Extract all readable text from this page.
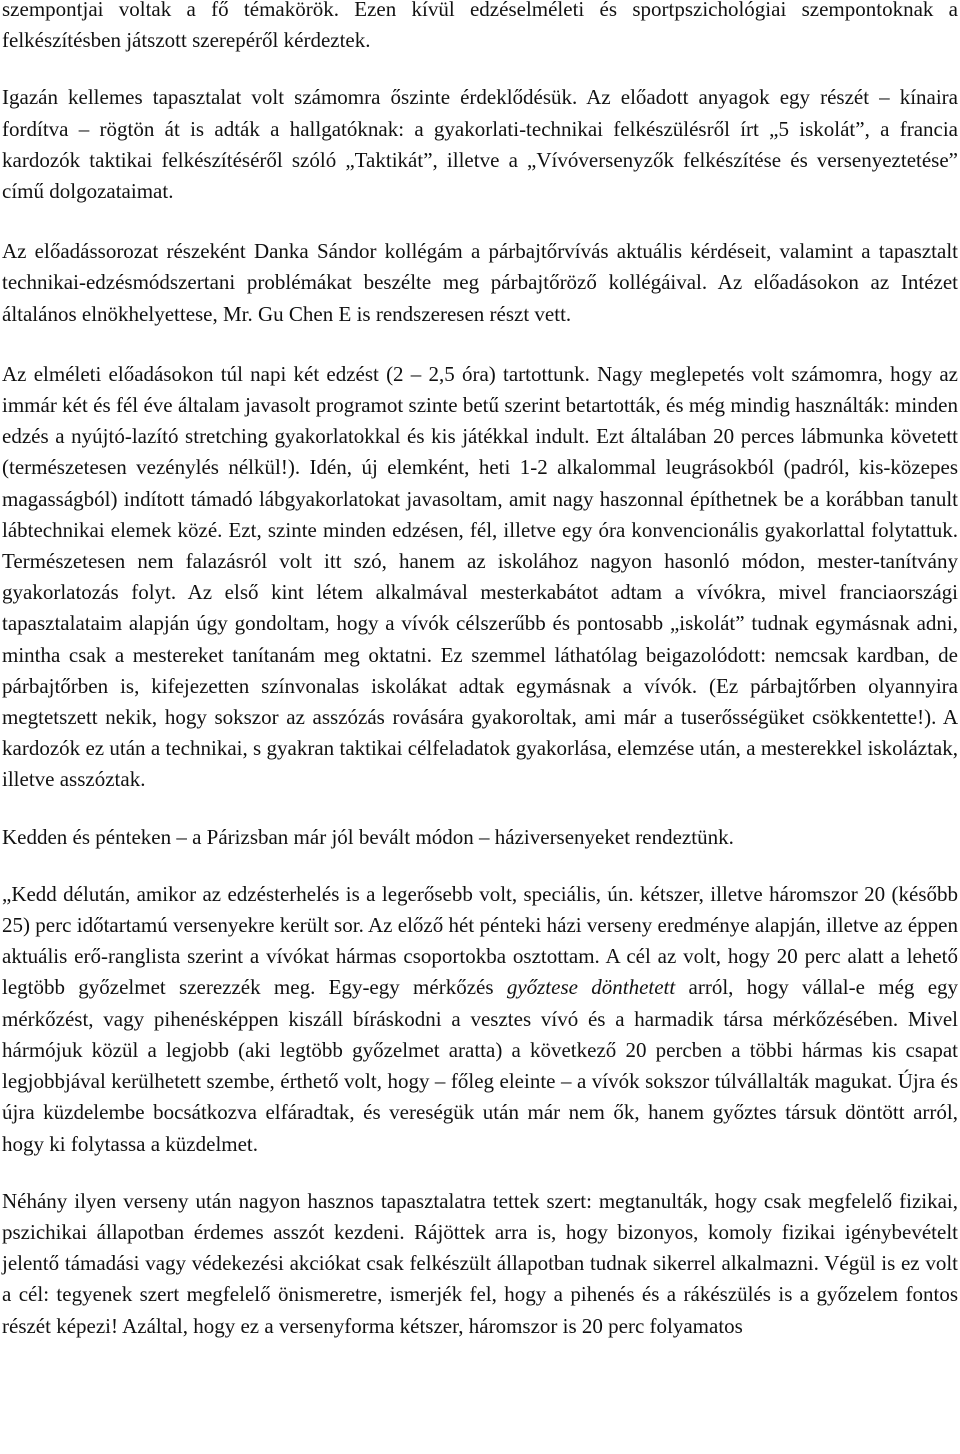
szempontjai voltak a fő témakörök. Ezen kívül edzéselméleti és sportpszichológiai szempontoknak a felkészítésben játszott szerepéről kérdeztek.

Igazán kellemes tapasztalat volt számomra őszinte érdeklődésük. Az előadott anyagok egy részét – kínaira fordítva – rögtön át is adták a hallgatóknak: a gyakorlati-technikai felkészülésről írt „5 iskolát”, a francia kardozók taktikai felkészítéséről szóló „Taktikát”, illetve a „Vívóversenyzők felkészítése és versenyeztetése” című dolgozataimat.

Az előadássorozat részeként Danka Sándor kollégám a párbajtőrvívás aktuális kérdéseit, valamint a tapasztalt technikai-edzésmódszertani problémákat beszélte meg párbajtőröző kollégáival. Az előadásokon az Intézet általános elnökhelyettese, Mr. Gu Chen E is rendszeresen részt vett.

Az elméleti előadásokon túl napi két edzést (2 – 2,5 óra) tartottunk. Nagy meglepetés volt számomra, hogy az immár két és fél éve általam javasolt programot szinte betű szerint betartották, és még mindig használták: minden edzés a nyújtó-lazító stretching gyakorlatokkal és kis játékkal indult. Ezt általában 20 perces lábmunka követett (természetesen vezénylés nélkül!). Idén, új elemként, heti 1-2 alkalommal leugrásokból (padról, kis-közepes magasságból) indított támadó lábgyakorlatokat javasoltam, amit nagy haszonnal építhetnek be a korábban tanult lábtechnikai elemek közé. Ezt, szinte minden edzésen, fél, illetve egy óra konvencionális gyakorlattal folytattuk. Természetesen nem falazásról volt itt szó, hanem az iskolához nagyon hasonló módon, mester-tanítvány gyakorlatozás folyt. Az első kint létem alkalmával mesterkabátot adtam a vívókra, mivel franciaországi tapasztalataim alapján úgy gondoltam, hogy a vívók célszerűbb és pontosabb „iskolát” tudnak egymásnak adni, mintha csak a mestereket tanítanám meg oktatni. Ez szemmel láthatólag beigazolódott: nemcsak kardban, de párbajtőrben is, kifejezetten színvonalas iskolákat adtak egymásnak a vívók. (Ez párbajtőrben olyannyira megtetszett nekik, hogy sokszor az asszózás rovására gyakoroltak, ami már a tuserősségüket csökkentette!). A kardozók ez után a technikai, s gyakran taktikai célfeladatok gyakorlása, elemzése után, a mesterekkel iskoláztak, illetve asszóztak.

Kedden és pénteken – a Párizsban már jól bevált módon – háziversenyeket rendeztünk.

„Kedd délután, amikor az edzésterhelés is a legerősebb volt, speciális, ún. kétszer, illetve háromszor 20 (később 25) perc időtartamú versenyekre került sor. Az előző hét pénteki házi verseny eredménye alapján, illetve az éppen aktuális erő-ranglista szerint a vívókat hármas csoportokba osztottam. A cél az volt, hogy 20 perc alatt a lehető legtöbb győzelmet szerezzék meg. Egy-egy mérkőzés győztese dönthetett arról, hogy vállal-e még egy mérkőzést, vagy pihenésképpen kiszáll bíráskodni a vesztes vívó és a harmadik társa mérkőzésében. Mivel hármójuk közül a legjobb (aki legtöbb győzelmet aratta) a következő 20 percben a többi hármas kis csapat legjobbjával kerülhetett szembe, érthető volt, hogy – főleg eleinte – a vívók sokszor túlvállalták magukat. Újra és újra küzdelembe bocsátkozva elfáradtak, és vereségük után már nem ők, hanem győztes társuk döntött arról, hogy ki folytassa a küzdelmet.

Néhány ilyen verseny után nagyon hasznos tapasztalatra tettek szert: megtanulták, hogy csak megfelelő fizikai, pszichikai állapotban érdemes asszót kezdeni. Rájöttek arra is, hogy bizonyos, komoly fizikai igénybevételt jelentő támadási vagy védekezési akciókat csak felkészült állapotban tudnak sikerrel alkalmazni. Végül is ez volt a cél: tegyenek szert megfelelő önismeretre, ismerjék fel, hogy a pihenés és a rákészülés is a győzelem fontos részét képezi! Azáltal, hogy ez a versenyforma kétszer, háromszor is 20 perc folyamatos
